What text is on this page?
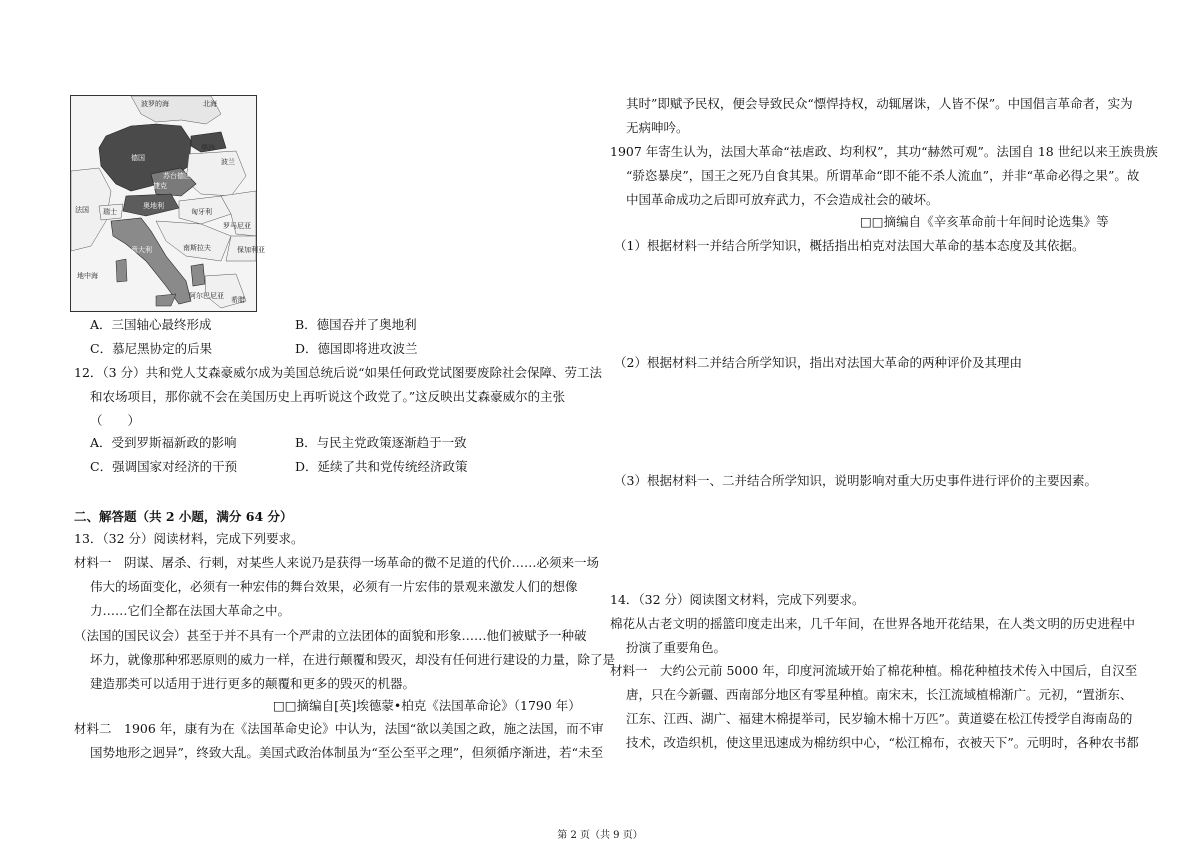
波罗的海	北海
德国
华沙
波兰
捷克
苏台德区
奥地利
匈牙利
瑞士
法国
罗马尼亚
南斯拉夫	保加利亚
意大利
地中海
阿尔巴尼亚 希腊
A．三国轴心最终形成	B．德国吞并了奥地利
C．慕尼黑协定的后果	D．德国即将进攻波兰
12．（3 分）共和党人艾森豪威尔成为美国总统后说“如果任何政党试图要废除社会保障、劳工法
和农场项目，那你就不会在美国历史上再听说这个政党了。”这反映出艾森豪威尔的主张
（　　）
A．受到罗斯福新政的影响	B．与民主党政策逐渐趋于一致
C．强调国家对经济的干预	D．延续了共和党传统经济政策
二、解答题（共 2 小题，满分 64 分）
13．（32 分）阅读材料，完成下列要求。
材料一　阴谋、屠杀、行刺，对某些人来说乃是获得一场革命的微不足道的代价……必须来一场
伟大的场面变化，必须有一种宏伟的舞台效果，必须有一片宏伟的景观来激发人们的想像
力……它们全都在法国大革命之中。
（法国的国民议会）甚至于并不具有一个严肃的立法团体的面貌和形象……他们被赋予一种破
坏力，就像那种邪恶原则的威力一样，在进行颠覆和毁灭，却没有任何进行建设的力量，除了是
建造那类可以适用于进行更多的颠覆和更多的毁灭的机器。
□□摘编自[英]埃德蒙•柏克《法国革命论》（1790 年）
材料二　1906 年，康有为在《法国革命史论》中认为，法国“欲以美国之政，施之法国，而不审
国势地形之迥异”，终致大乱。美国式政治体制虽为“至公至平之理”，但须循序渐进，若“未至
其时”即赋予民权，便会导致民众“慓悍持权，动辄屠诛，人皆不保”。中国倡言革命者，实为
无病呻吟。
1907 年寄生认为，法国大革命“祛虐政、均利权”，其功“赫然可观”。法国自 18 世纪以来王族贵族
“骄恣暴戾”，国王之死乃自食其果。所谓革命“即不能不杀人流血”，并非“革命必得之果”。故
中国革命成功之后即可放弃武力，不会造成社会的破坏。
□□摘编自《辛亥革命前十年间时论选集》等
（1）根据材料一并结合所学知识，概括指出柏克对法国大革命的基本态度及其依据。
（2）根据材料二并结合所学知识，指出对法国大革命的两种评价及其理由
（3）根据材料一、二并结合所学知识，说明影响对重大历史事件进行评价的主要因素。
14．（32 分）阅读图文材料，完成下列要求。
棉花从古老文明的摇篮印度走出来，几千年间，在世界各地开花结果，在人类文明的历史进程中
扮演了重要角色。
材料一　大约公元前 5000 年，印度河流域开始了棉花种植。棉花种植技术传入中国后，自汉至
唐，只在今新疆、西南部分地区有零星种植。南宋末，长江流域植棉渐广。元初，“置浙东、
江东、江西、湖广、福建木棉提举司，民岁输木棉十万匹”。黄道婆在松江传授学自海南岛的
技术，改造织机，使这里迅速成为棉纺织中心，“松江棉布，衣被天下”。元明时，各种农书都
第 2 页（共 9 页）
